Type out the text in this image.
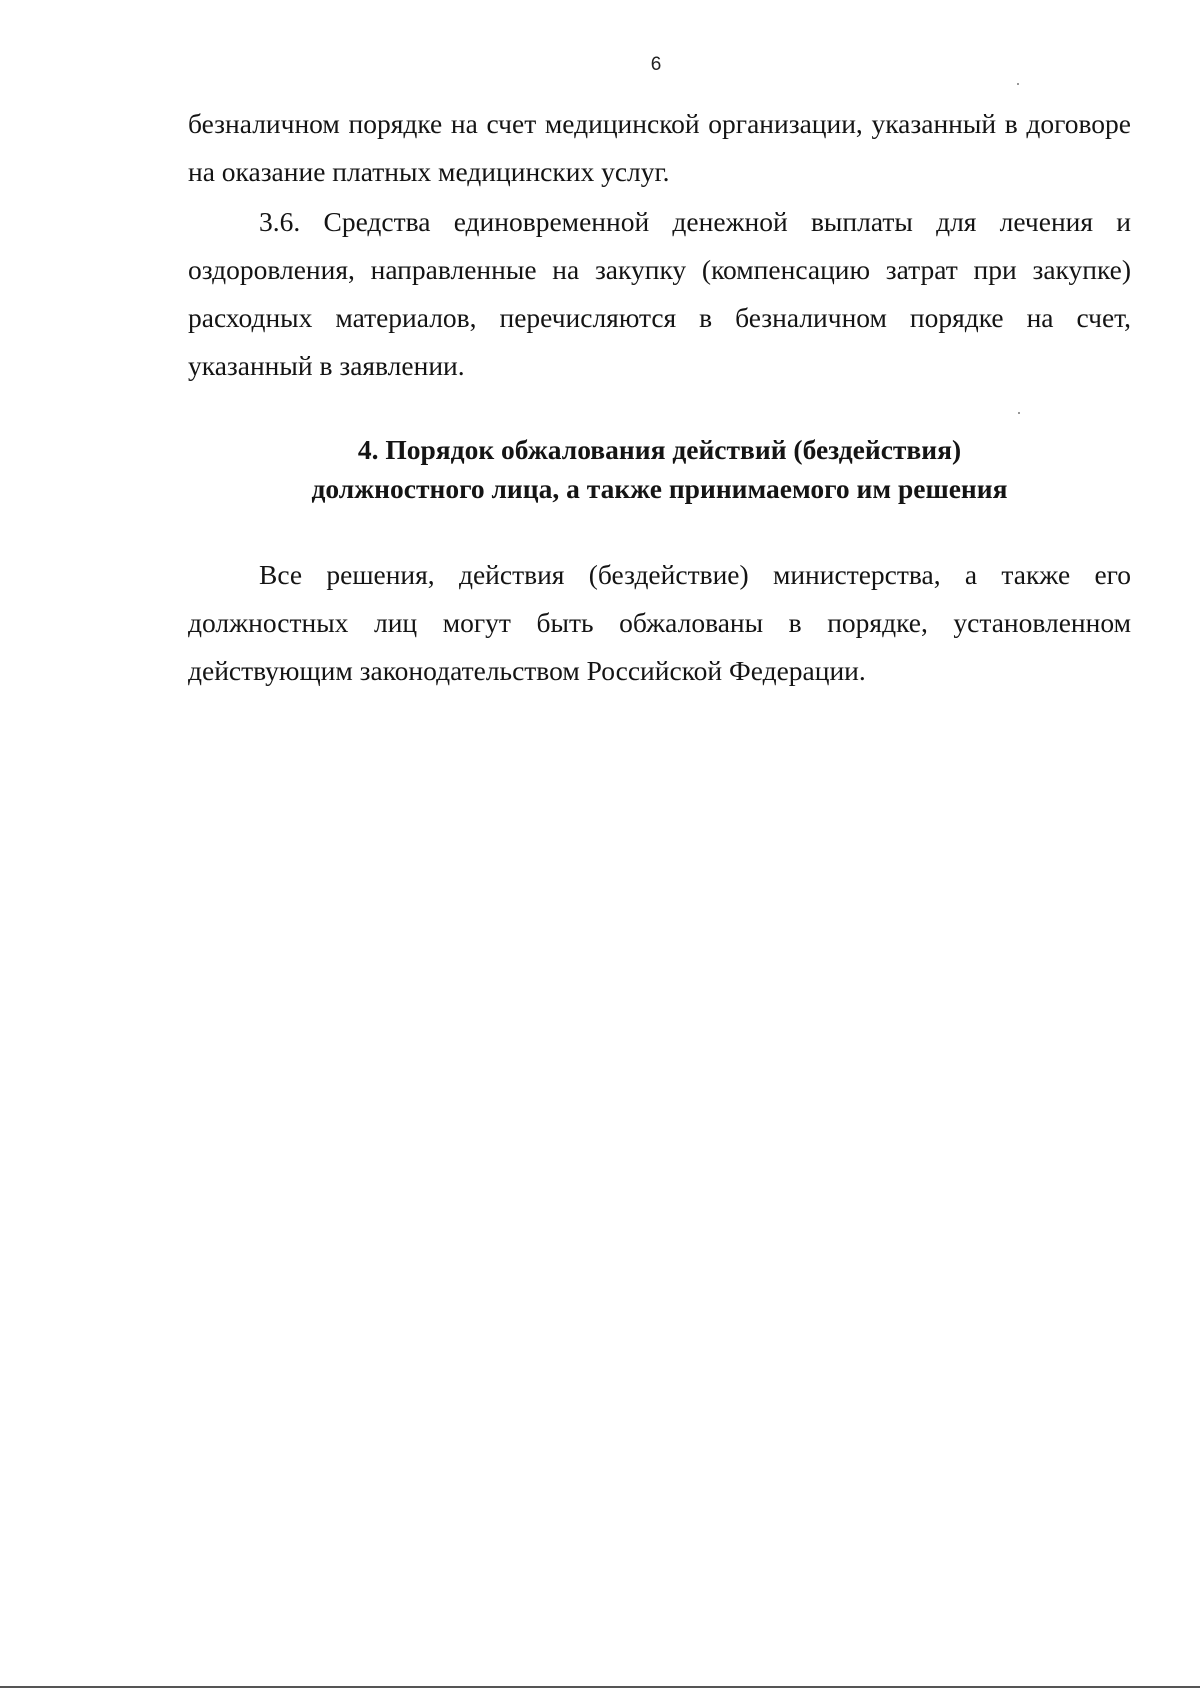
6

безналичном порядке на счет медицинской организации, указанный в договоре на оказание платных медицинских услуг.

3.6. Средства единовременной денежной выплаты для лечения и оздоровления, направленные на закупку (компенсацию затрат при закупке) расходных материалов, перечисляются в безналичном порядке на счет, указанный в заявлении.

4. Порядок обжалования действий (бездействия)
должностного лица, а также принимаемого им решения

Все решения, действия (бездействие) министерства, а также его должностных лиц могут быть обжалованы в порядке, установленном действующим законодательством Российской Федерации.
